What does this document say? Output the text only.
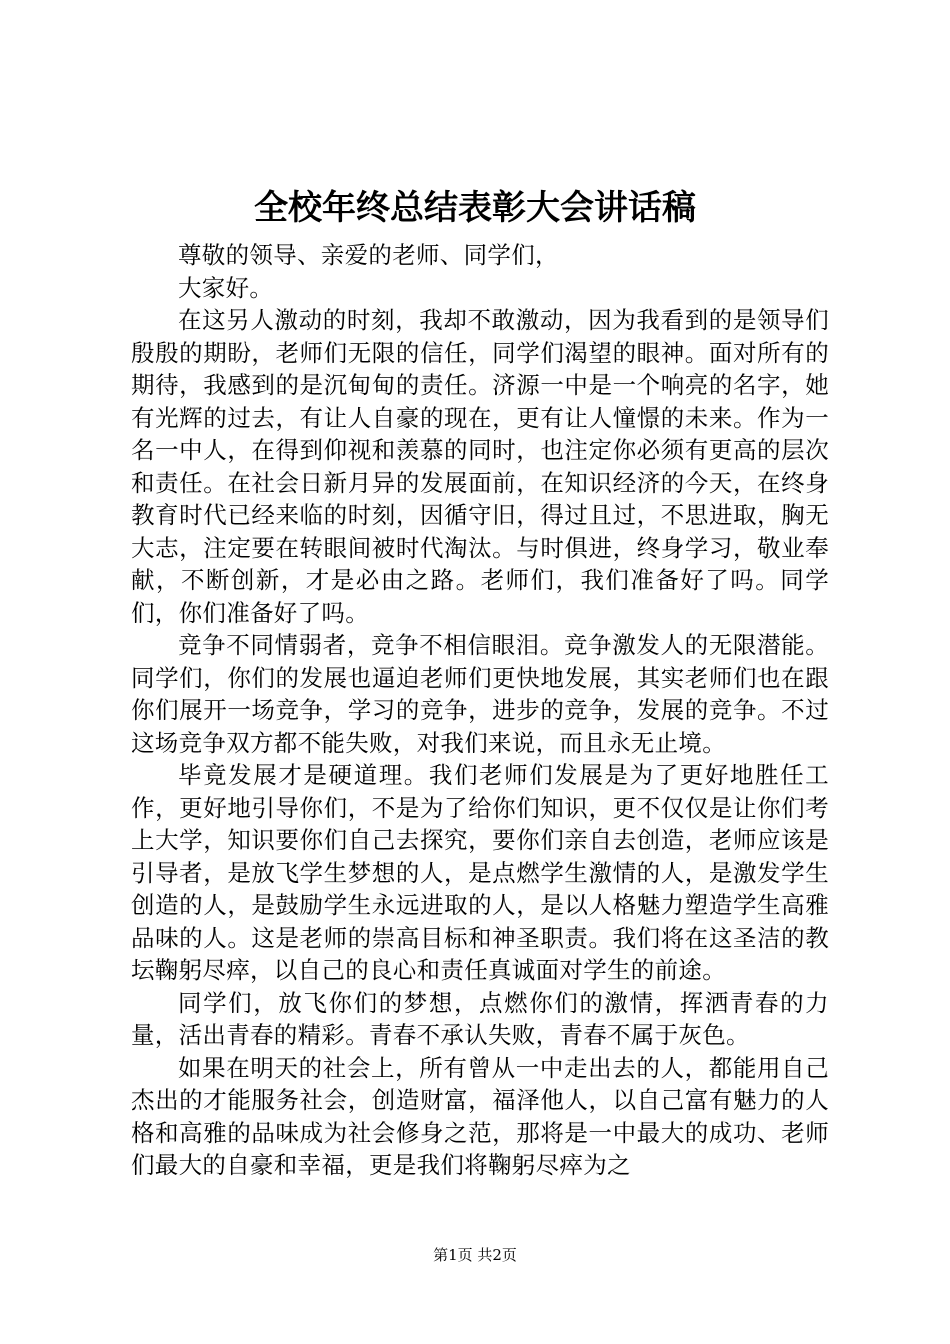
全校年终总结表彰大会讲话稿

尊敬的领导、亲爱的老师、同学们，

大家好。

在这另人激动的时刻，我却不敢激动，因为我看到的是领导们殷殷的期盼，老师们无限的信任，同学们渴望的眼神。面对所有的期待，我感到的是沉甸甸的责任。济源一中是一个响亮的名字，她有光辉的过去，有让人自豪的现在，更有让人憧憬的未来。作为一名一中人，在得到仰视和羡慕的同时，也注定你必须有更高的层次和责任。在社会日新月异的发展面前，在知识经济的今天，在终身教育时代已经来临的时刻，因循守旧，得过且过，不思进取，胸无大志，注定要在转眼间被时代淘汰。与时俱进，终身学习，敬业奉献，不断创新，才是必由之路。老师们，我们准备好了吗。同学们，你们准备好了吗。

竞争不同情弱者，竞争不相信眼泪。竞争激发人的无限潜能。同学们，你们的发展也逼迫老师们更快地发展，其实老师们也在跟你们展开一场竞争，学习的竞争，进步的竞争，发展的竞争。不过这场竞争双方都不能失败，对我们来说，而且永无止境。

毕竟发展才是硬道理。我们老师们发展是为了更好地胜任工作，更好地引导你们，不是为了给你们知识，更不仅仅是让你们考上大学，知识要你们自己去探究，要你们亲自去创造，老师应该是引导者，是放飞学生梦想的人，是点燃学生激情的人，是激发学生创造的人，是鼓励学生永远进取的人，是以人格魅力塑造学生高雅品味的人。这是老师的崇高目标和神圣职责。我们将在这圣洁的教坛鞠躬尽瘁，以自己的良心和责任真诚面对学生的前途。

同学们，放飞你们的梦想，点燃你们的激情，挥洒青春的力量，活出青春的精彩。青春不承认失败，青春不属于灰色。

如果在明天的社会上，所有曾从一中走出去的人，都能用自己杰出的才能服务社会，创造财富，福泽他人，以自己富有魅力的人格和高雅的品味成为社会修身之范，那将是一中最大的成功、老师们最大的自豪和幸福，更是我们将鞠躬尽瘁为之

第1页 共2页
